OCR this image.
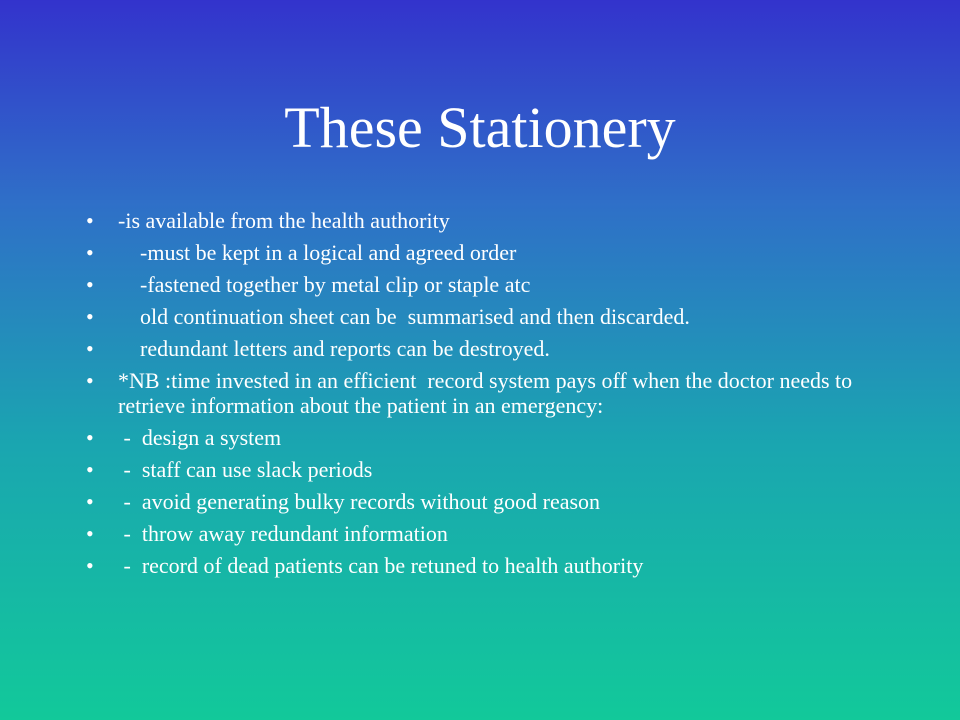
These Stationery
• -is available from the health authority
• -must be kept in a logical and agreed order
• -fastened together by metal clip or staple atc
• old continuation sheet can be  summarised and then discarded.
• redundant letters and reports can be destroyed.
• *NB :time invested in an efficient  record system pays off when the doctor needs to retrieve information about the patient in an emergency:
• -  design a system
• -  staff can use slack periods
• -  avoid generating bulky records without good reason
• -  throw away redundant information
• -  record of dead patients can be retuned to health authority
